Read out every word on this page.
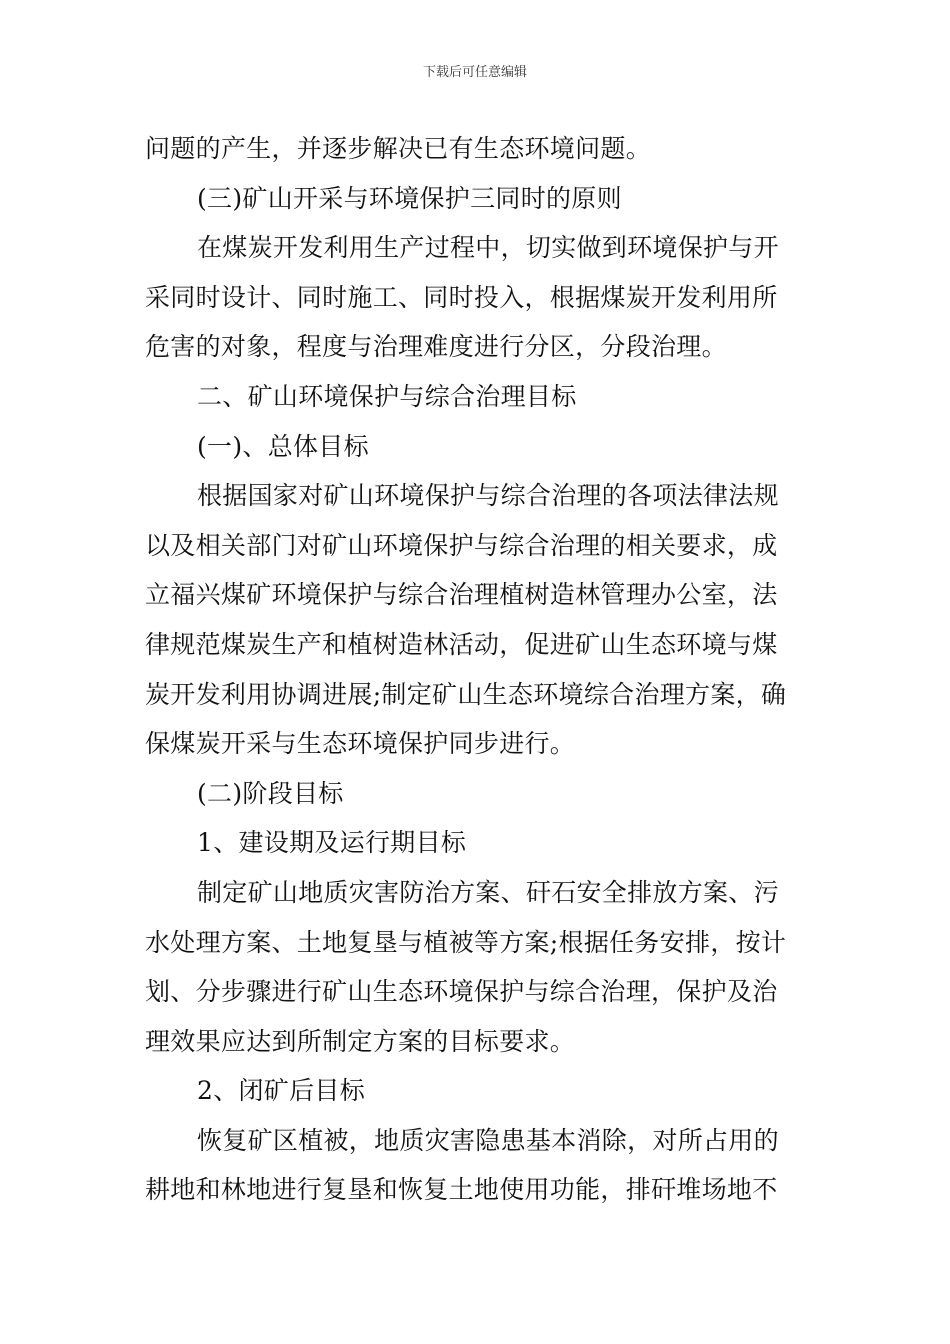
下载后可任意编辑
问题的产生，并逐步解决已有生态环境问题。
(三)矿山开采与环境保护三同时的原则
在煤炭开发利用生产过程中，切实做到环境保护与开
采同时设计、同时施工、同时投入，根据煤炭开发利用所
危害的对象，程度与治理难度进行分区，分段治理。
二、矿山环境保护与综合治理目标
(一)、总体目标
根据国家对矿山环境保护与综合治理的各项法律法规
以及相关部门对矿山环境保护与综合治理的相关要求，成
立福兴煤矿环境保护与综合治理植树造林管理办公室，法
律规范煤炭生产和植树造林活动，促进矿山生态环境与煤
炭开发利用协调进展;制定矿山生态环境综合治理方案，确
保煤炭开采与生态环境保护同步进行。
(二)阶段目标
1、建设期及运行期目标
制定矿山地质灾害防治方案、矸石安全排放方案、污
水处理方案、土地复垦与植被等方案;根据任务安排，按计
划、分步骤进行矿山生态环境保护与综合治理，保护及治
理效果应达到所制定方案的目标要求。
2、闭矿后目标
恢复矿区植被，地质灾害隐患基本消除，对所占用的
耕地和林地进行复垦和恢复土地使用功能，排矸堆场地不
